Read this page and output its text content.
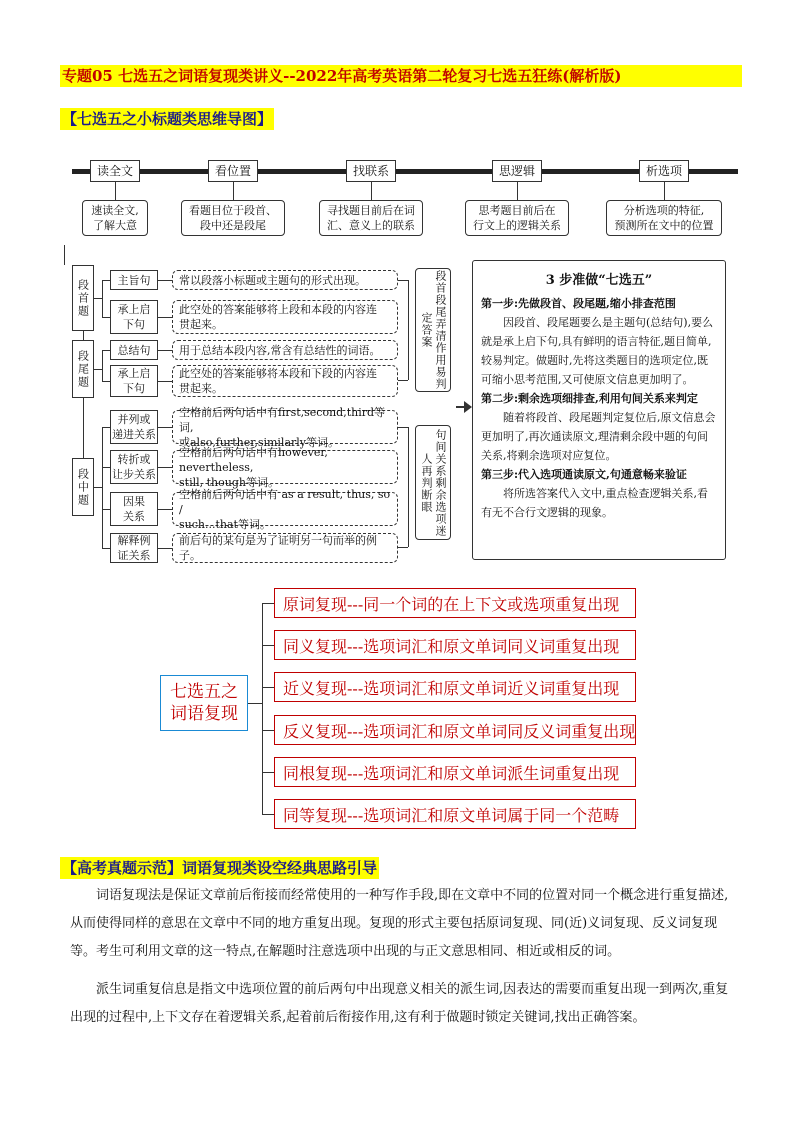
专题05 七选五之词语复现类讲义--2022年高考英语第二轮复习七选五狂练(解析版)
【七选五之小标题类思维导图】
读全文
速读全文,
了解大意
看位置
看题目位于段首、
段中还是段尾
找联系
寻找题目前后在词
汇、意义上的联系
思逻辑
思考题目前后在
行文上的逻辑关系
析选项
分析选项的特征,
预测所在文中的位置
段首题
段尾题
段中题
主旨句	常以段落小标题或主题句的形式出现。
承上启
下句
此空处的答案能够将上段和本段的内容连
贯起来。
总结句	用于总结本段内容,常含有总结性的词语。
承上启
下句
此空处的答案能够将本段和下段的内容连
贯起来。
并列或
递进关系
空格前后两句话中有first,second,third等词,
或also,further,similarly等词。
转折或
让步关系
空格前后两句话中有however, nevertheless,
still, though等词。
因果
关系
空格前后两句话中有 as a result, thus, so /
such...that等词。
解释例
证关系
前后句的某句是为了证明另一句而举的例子。
段首段尾弄清作用易判定答案
句间关系剩余选项迷人再判断眼
3 步准做“七选五”
第一步:先做段首、段尾题,缩小排查范围
因段首、段尾题要么是主题句(总结句),要么就是承上启下句,具有鲜明的语言特征,题目简单,较易判定。做题时,先将这类题目的选项定位,既可缩小思考范围,又可使原文信息更加明了。
第二步:剩余选项细排查,利用句间关系来判定
随着将段首、段尾题判定复位后,原文信息会更加明了,再次通读原文,理清剩余段中题的句间关系,将剩余选项对应复位。
第三步:代入选项通读原文,句通意畅来验证
将所选答案代入文中,重点检查逻辑关系,看有无不合行文逻辑的现象。
七选五之
词语复现
原词复现---同一个词的在上下文或选项重复出现
同义复现---选项词汇和原文单词同义词重复出现
近义复现---选项词汇和原文单词近义词重复出现
反义复现---选项词汇和原文单词同反义词重复出现
同根复现---选项词汇和原文单词派生词重复出现
同等复现---选项词汇和原文单词属于同一个范畴
【高考真题示范】词语复现类设空经典思路引导
词语复现法是保证文章前后衔接而经常使用的一种写作手段,即在文章中不同的位置对同一个概念进行重复描述,从而使得同样的意思在文章中不同的地方重复出现。复现的形式主要包括原词复现、同(近)义词复现、反义词复现等。考生可利用文章的这一特点,在解题时注意选项中出现的与正文意思相同、相近或相反的词。
派生词重复信息是指文中选项位置的前后两句中出现意义相关的派生词,因表达的需要而重复出现一到两次,重复出现的过程中,上下文存在着逻辑关系,起着前后衔接作用,这有利于做题时锁定关键词,找出正确答案。
